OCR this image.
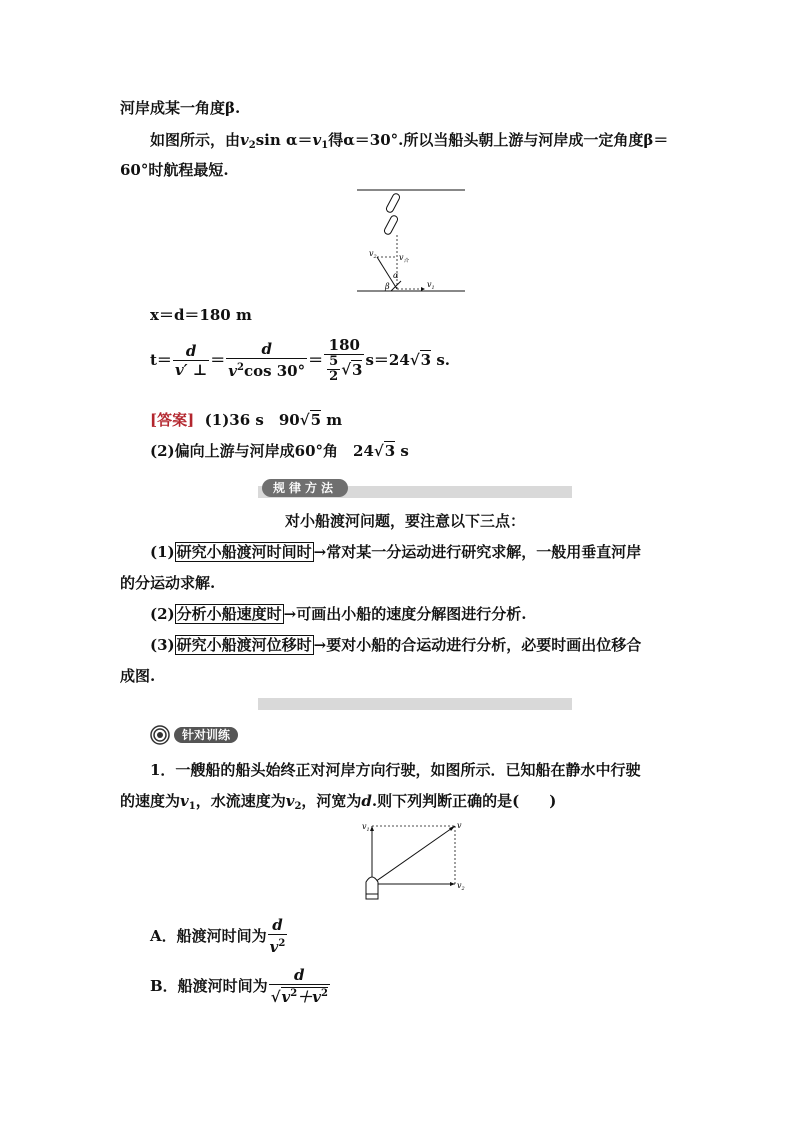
河岸成某一角度β.
如图所示，由$v_2\sin$ $\alpha=v_1$得α＝30°.所以当船头朝上游与河岸成一定角度β＝
60°时航程最短.
$v_2$	$v_合$
α
β	$v_1$
x＝d＝180 m
$t= \frac{d}{v' \perp} = \frac{d}{v^2\cos 30^\circ} = \frac{180}{\frac{5}{2} √3} s=24√3$ s.
[答案] (1)36 s　90√5 m
(2)偏向上游与河岸成60°角　24√3 s
规律方法
对小船渡河问题，要注意以下三点：
(1) 研究小船渡河时间时 →常对某一分运动进行研究求解，一般用垂直河岸
的分运动求解.
(2) 分析小船速度时 →可画出小船的速度分解图进行分析.
(3) 研究小船渡河位移时 →要对小船的合运动进行分析，必要时画出位移合
成图.
针对训练
1．一艘船的船头始终正对河岸方向行驶，如图所示．已知船在静水中行驶
的速度为$v_1$，水流速度为$v_2$，河宽为d.则下列判断正确的是(　　)
$v_1$	v
$v_2$
A．船渡河时间为 $\frac{d}{v^2}$
B．船渡河时间为 $\frac{d}{√v^2+v^2}$
